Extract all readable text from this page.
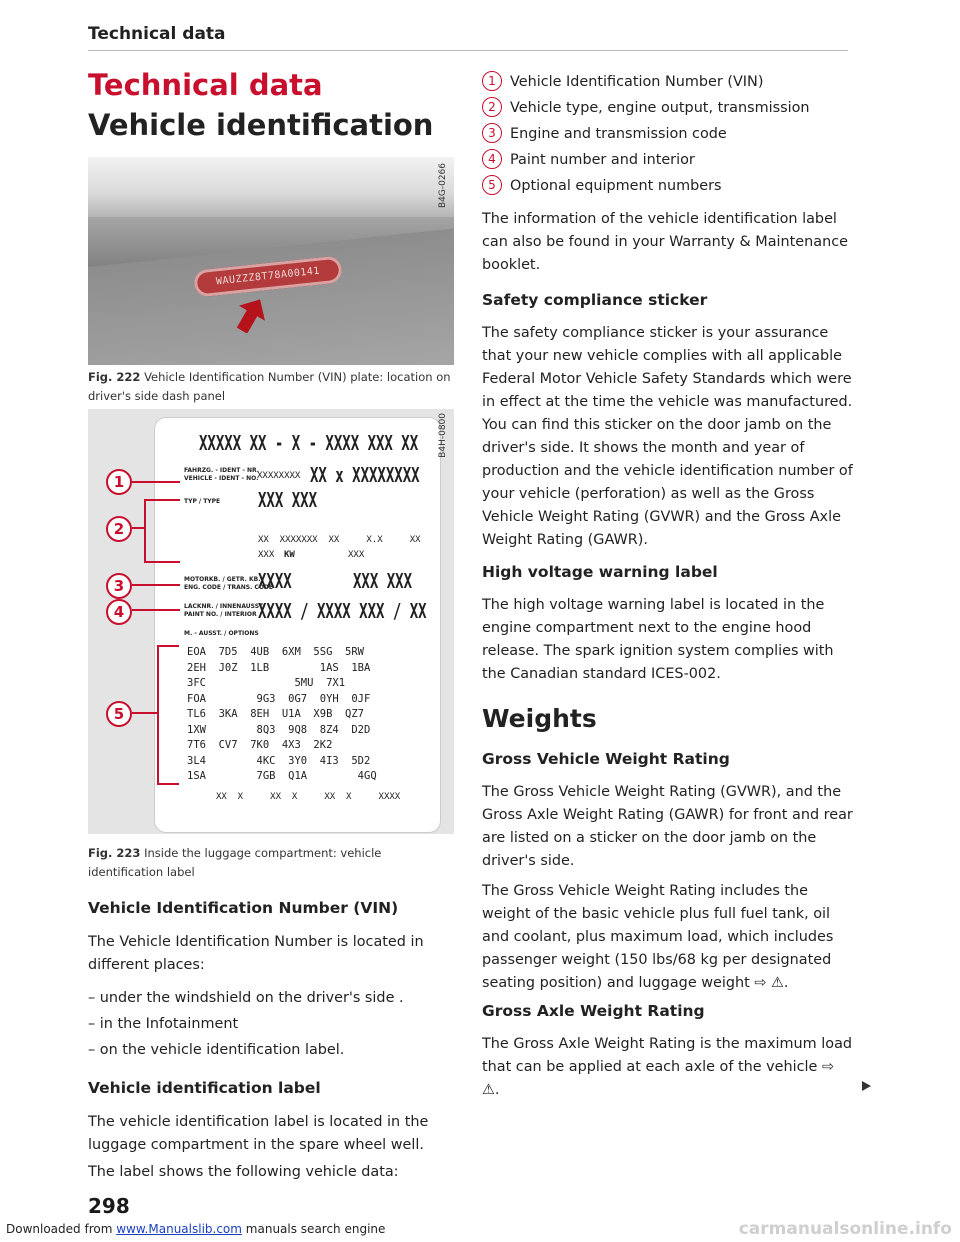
Technical data
Technical data
Vehicle identification
WAUZZZ8T78A00141
B4G-0266
Fig. 222 Vehicle Identification Number (VIN) plate: location on driver's side dash panel
XXXXX XX - X - XXXX XXX XX
FAHRZG. - IDENT - NR.
VEHICLE - IDENT - NO.
XXXXXXXX XX x XXXXXXXX
TYP / TYPE XXX XXX
XX  XXXXXXX  XX     X.X     XX
XXX KW	XXX
MOTORKB. / GETR. KB.
ENG. CODE / TRANS. CODE
XXXX	XXX XXX
LACKNR. / INNENAUSST.
PAINT NO. / INTERIOR XXXX / XXXX XXX / XX
M. - AUSST. / OPTIONS
EOA  7D5  4UB  6XM  5SG  5RW
2EH  J0Z  1LB        1AS  1BA
3FC              5MU  7X1
FOA        9G3  0G7  0YH  0JF
TL6  3KA  8EH  U1A  X9B  QZ7
1XW        8Q3  9Q8  8Z4  D2D
7T6  CV7  7K0  4X3  2K2
3L4        4KC  3Y0  4I3  5D2
1SA        7GB  Q1A        4GQ
XX  X     XX  X     XX  X     XXXX
1
2
3
4
5
B4H-0800
Fig. 223 Inside the luggage compartment: vehicle identification label
Vehicle Identification Number (VIN)
The Vehicle Identification Number is located in different places:
– under the windshield on the driver's side .
– in the Infotainment
– on the vehicle identification label.
Vehicle identification label
The vehicle identification label is located in the luggage compartment in the spare wheel well.
The label shows the following vehicle data:
1 Vehicle Identification Number (VIN)
2 Vehicle type, engine output, transmission
3 Engine and transmission code
4 Paint number and interior
5 Optional equipment numbers
The information of the vehicle identification label can also be found in your Warranty & Maintenance booklet.
Safety compliance sticker
The safety compliance sticker is your assurance that your new vehicle complies with all applicable Federal Motor Vehicle Safety Standards which were in effect at the time the vehicle was manufactured. You can find this sticker on the door jamb on the driver's side. It shows the month and year of production and the vehicle identification number of your vehicle (perforation) as well as the Gross Vehicle Weight Rating (GVWR) and the Gross Axle Weight Rating (GAWR).
High voltage warning label
The high voltage warning label is located in the engine compartment next to the engine hood release. The spark ignition system complies with the Canadian standard ICES-002.
Weights
Gross Vehicle Weight Rating
The Gross Vehicle Weight Rating (GVWR), and the Gross Axle Weight Rating (GAWR) for front and rear are listed on a sticker on the door jamb on the driver's side.
The Gross Vehicle Weight Rating includes the weight of the basic vehicle plus full fuel tank, oil and coolant, plus maximum load, which includes passenger weight (150 lbs/68 kg per designated seating position) and luggage weight ⇨ ⚠.
Gross Axle Weight Rating
The Gross Axle Weight Rating is the maximum load that can be applied at each axle of the vehicle ⇨ ⚠.
298
Downloaded from www.Manualslib.com manuals search engine	carmanualsonline.info
